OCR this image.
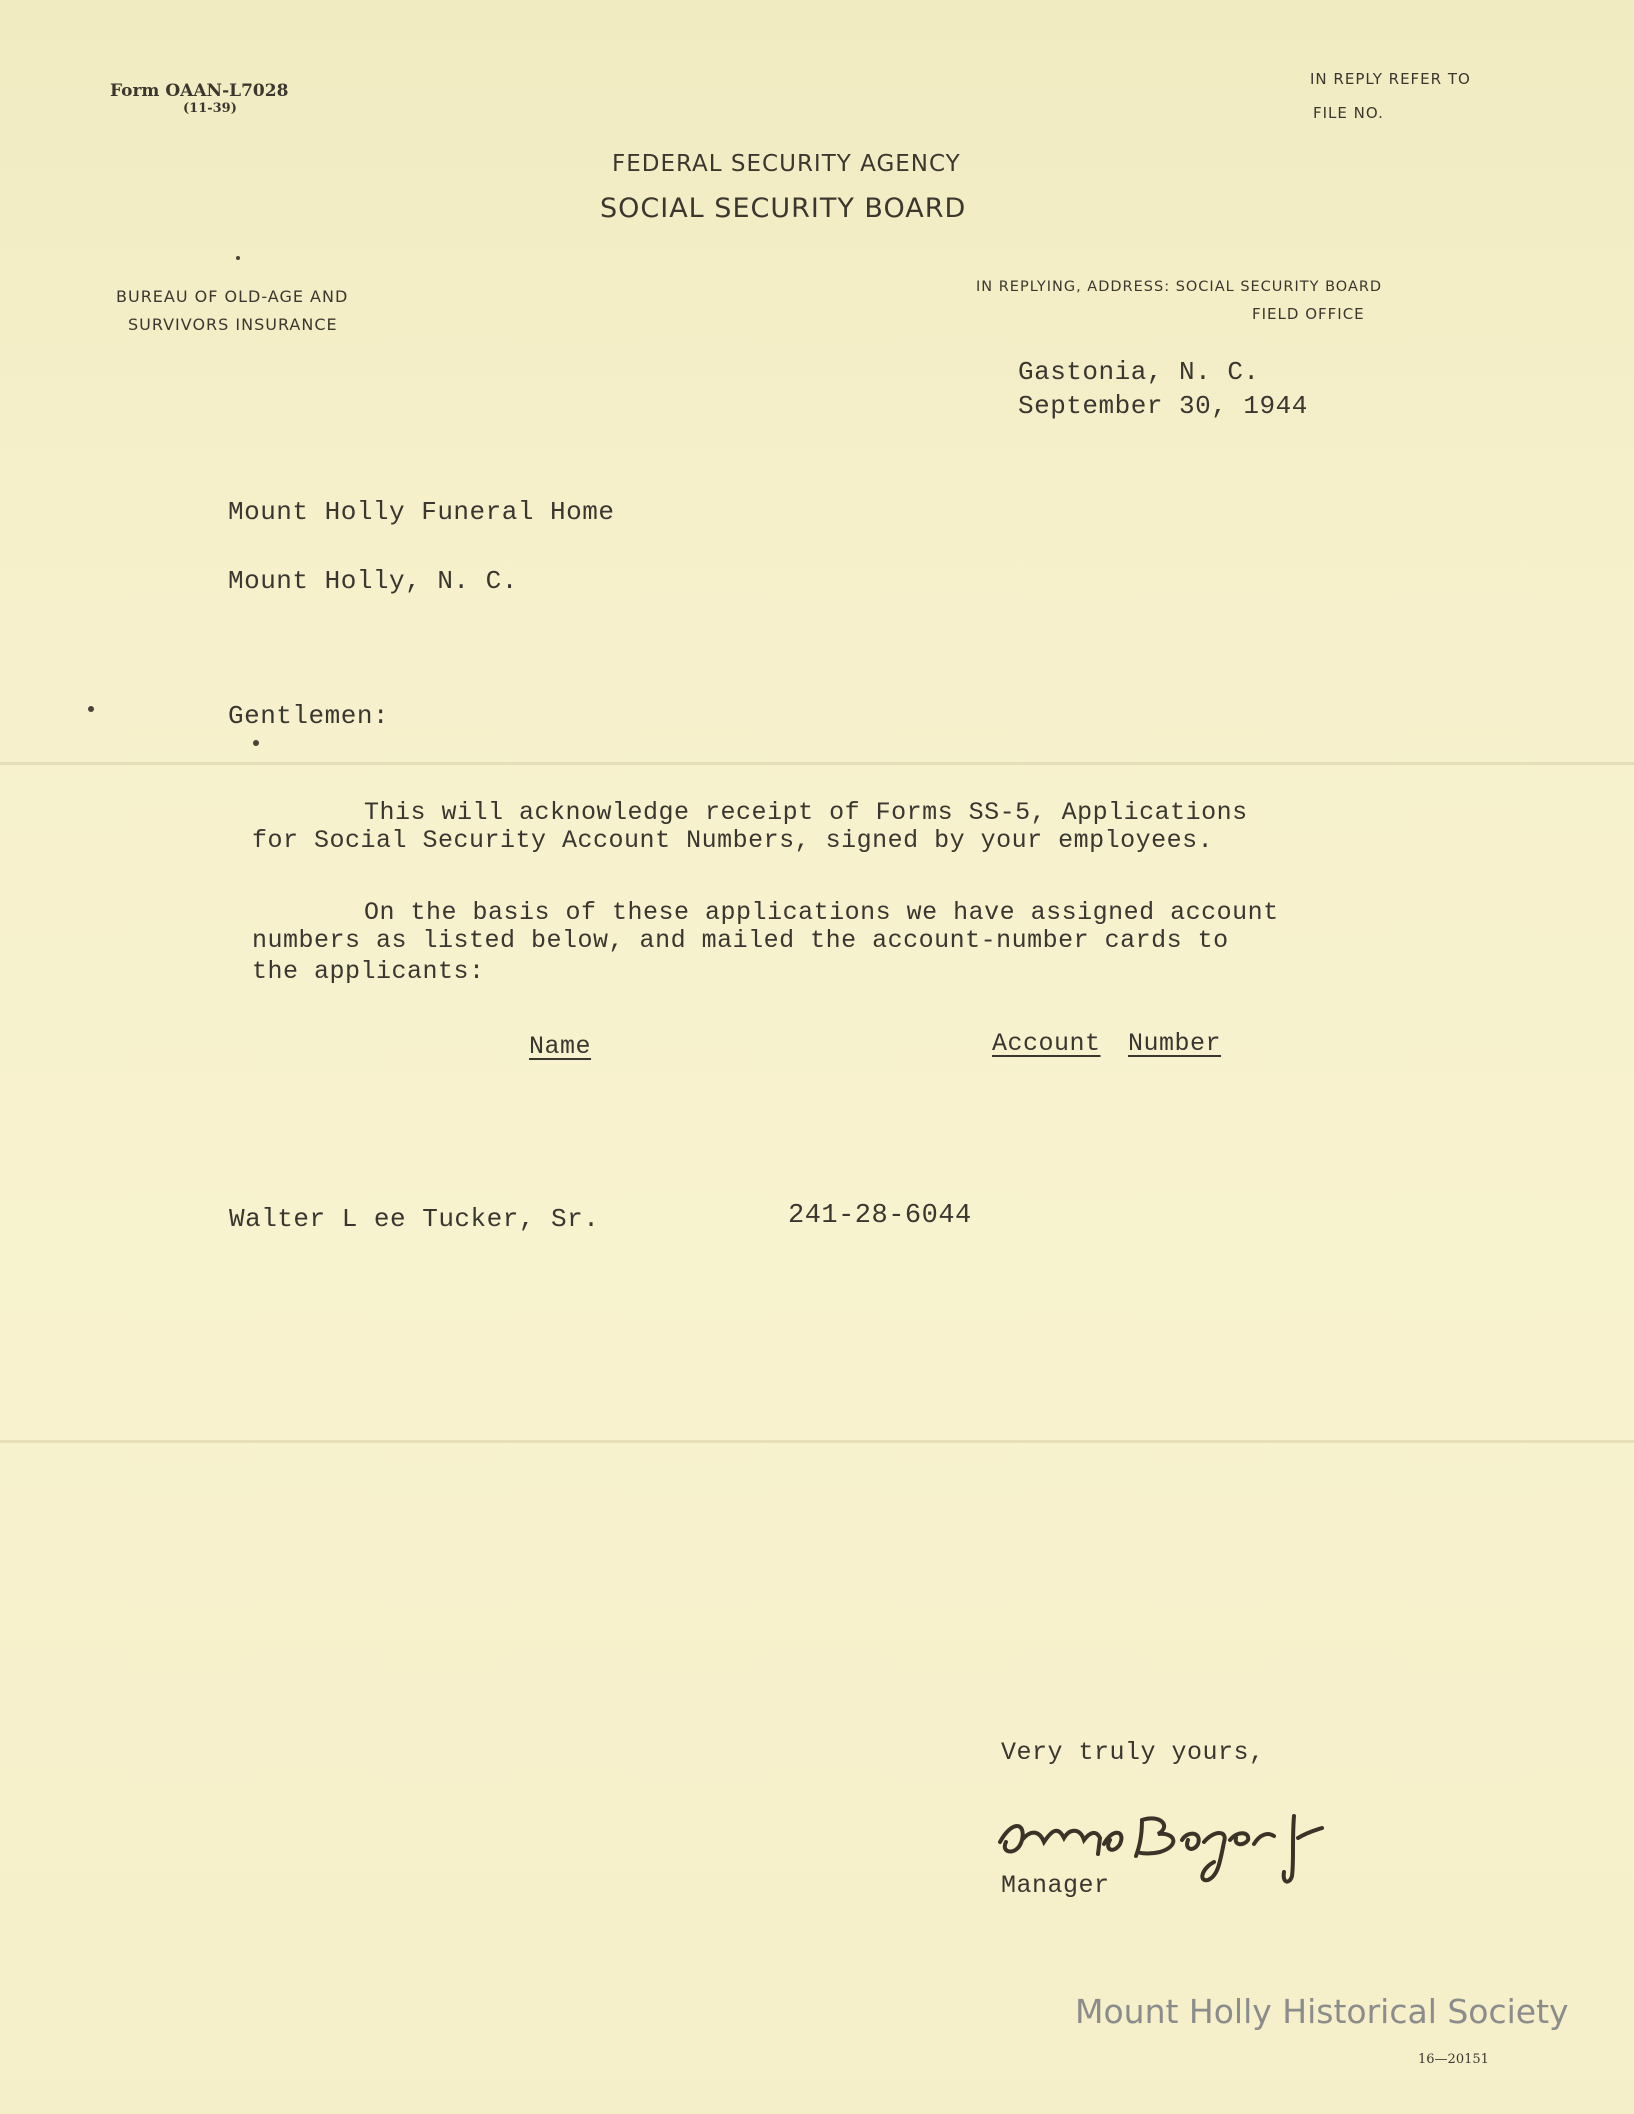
Form OAAN-L7028
(11-39)
IN REPLY REFER TO
FILE NO.
FEDERAL SECURITY AGENCY
SOCIAL SECURITY BOARD
BUREAU OF OLD-AGE AND
SURVIVORS INSURANCE
IN REPLYING, ADDRESS: SOCIAL SECURITY BOARD
FIELD OFFICE
Gastonia, N. C.
September 30, 1944
Mount Holly Funeral Home
Mount Holly, N. C.
Gentlemen:
This will acknowledge receipt of Forms SS-5, Applications
for Social Security Account Numbers, signed by your employees.
On the basis of these applications we have assigned account
numbers as listed below, and mailed the account-number cards to
the applicants:
Name	Account Number
Walter L ee Tucker, Sr.	241-28-6044
Very truly yours,
Manager
Mount Holly Historical Society
16—20151
